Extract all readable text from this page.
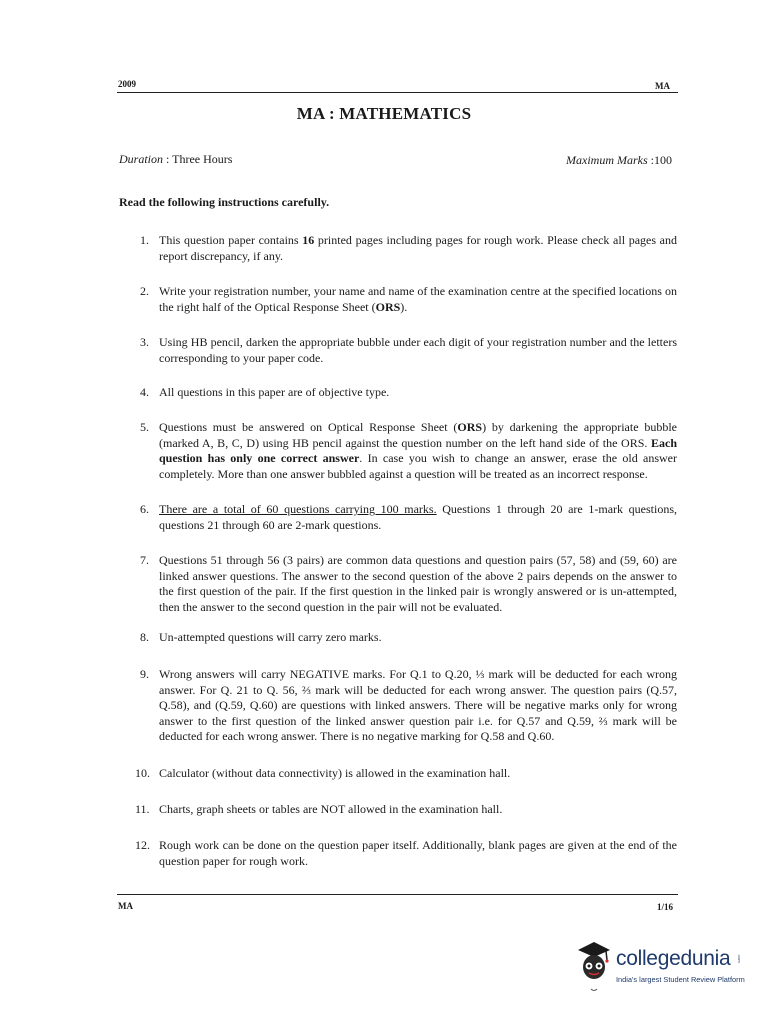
2009	MA
MA : MATHEMATICS
Duration : Three Hours	Maximum Marks :100
Read the following instructions carefully.
1. This question paper contains 16 printed pages including pages for rough work. Please check all pages and report discrepancy, if any.
2. Write your registration number, your name and name of the examination centre at the specified locations on the right half of the Optical Response Sheet (ORS).
3. Using HB pencil, darken the appropriate bubble under each digit of your registration number and the letters corresponding to your paper code.
4. All questions in this paper are of objective type.
5. Questions must be answered on Optical Response Sheet (ORS) by darkening the appropriate bubble (marked A, B, C, D) using HB pencil against the question number on the left hand side of the ORS. Each question has only one correct answer. In case you wish to change an answer, erase the old answer completely. More than one answer bubbled against a question will be treated as an incorrect response.
6. There are a total of 60 questions carrying 100 marks. Questions 1 through 20 are 1-mark questions, questions 21 through 60 are 2-mark questions.
7. Questions 51 through 56 (3 pairs) are common data questions and question pairs (57, 58) and (59, 60) are linked answer questions. The answer to the second question of the above 2 pairs depends on the answer to the first question of the pair. If the first question in the linked pair is wrongly answered or is un-attempted, then the answer to the second question in the pair will not be evaluated.
8. Un-attempted questions will carry zero marks.
9. Wrong answers will carry NEGATIVE marks. For Q.1 to Q.20, ⅓ mark will be deducted for each wrong answer. For Q. 21 to Q. 56, ⅔ mark will be deducted for each wrong answer. The question pairs (Q.57, Q.58), and (Q.59, Q.60) are questions with linked answers. There will be negative marks only for wrong answer to the first question of the linked answer question pair i.e. for Q.57 and Q.59, ⅔ mark will be deducted for each wrong answer. There is no negative marking for Q.58 and Q.60.
10. Calculator (without data connectivity) is allowed in the examination hall.
11. Charts, graph sheets or tables are NOT allowed in the examination hall.
12. Rough work can be done on the question paper itself. Additionally, blank pages are given at the end of the question paper for rough work.
MA	1/16
collegedunia .com
India's largest Student Review Platform
